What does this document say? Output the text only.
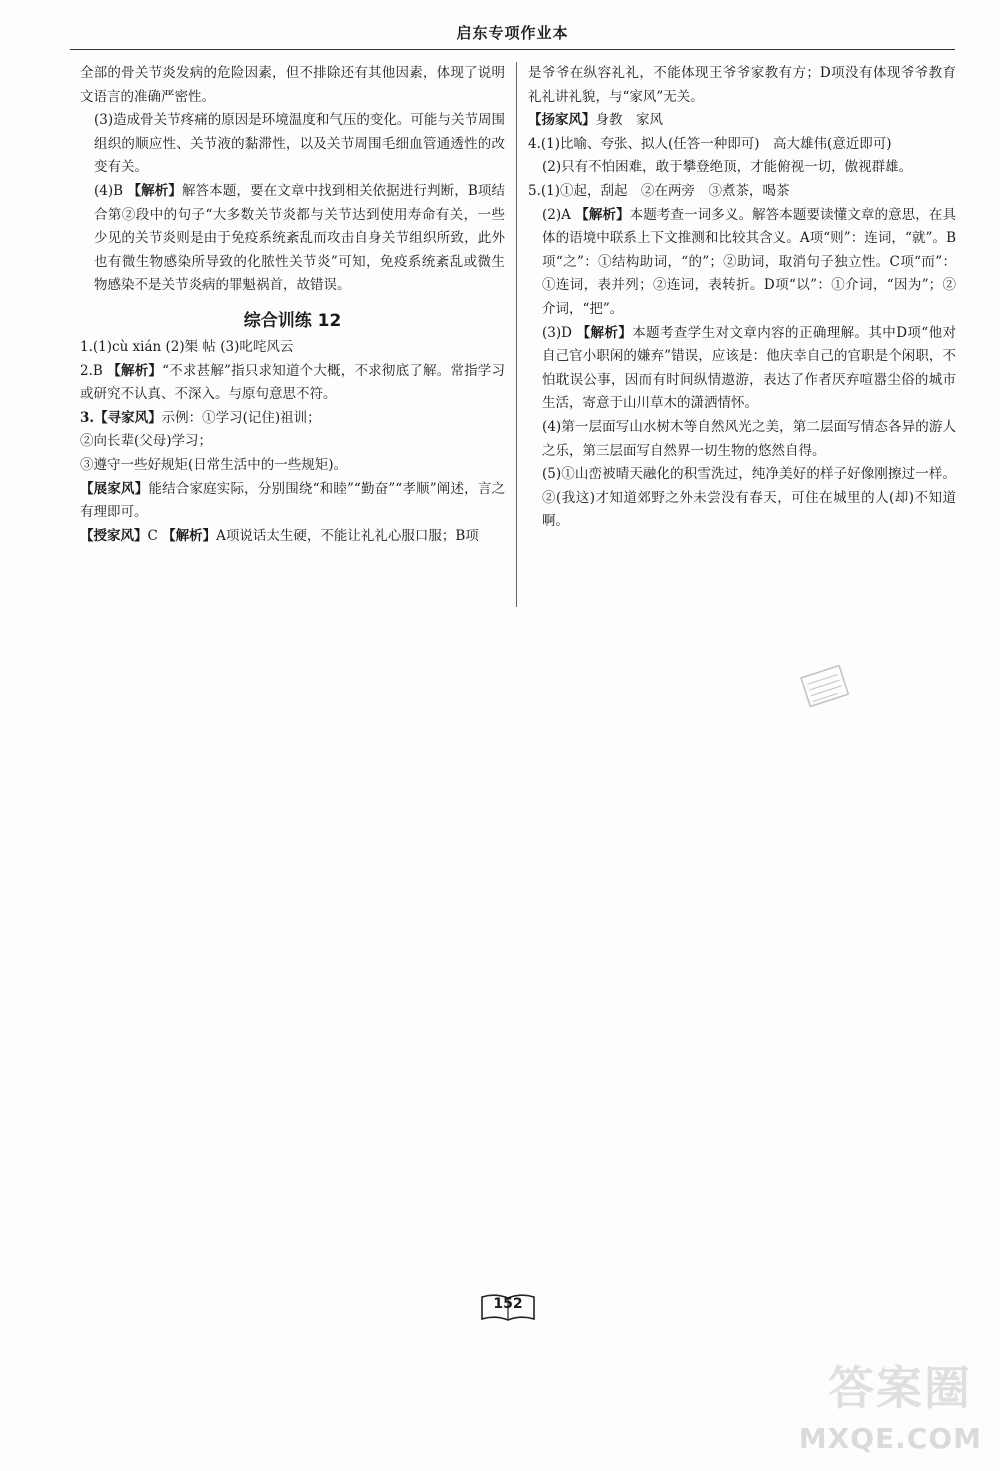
启东专项作业本

全部的骨关节炎发病的危险因素，但不排除还有其他因素，体现了说明文语言的准确严密性。

(3)造成骨关节疼痛的原因是环境温度和气压的变化。可能与关节周围组织的顺应性、关节液的黏滞性，以及关节周围毛细血管通透性的改变有关。

(4)B 【解析】解答本题，要在文章中找到相关依据进行判断，B项结合第②段中的句子“大多数关节炎都与关节达到使用寿命有关，一些少见的关节炎则是由于免疫系统紊乱而攻击自身关节组织所致，此外也有微生物感染所导致的化脓性关节炎”可知，免疫系统紊乱或微生物感染不是关节炎病的罪魁祸首，故错误。

综合训练 12

1.(1)cù xián (2)榘 帖 (3)叱咤风云

2.B 【解析】“不求甚解”指只求知道个大概，不求彻底了解。常指学习或研究不认真、不深入。与原句意思不符。

3.【寻家风】示例：①学习(记住)祖训；

②向长辈(父母)学习；

③遵守一些好规矩(日常生活中的一些规矩)。

【展家风】能结合家庭实际，分别围绕“和睦”“勤奋”“孝顺”阐述，言之有理即可。

【授家风】C 【解析】A项说话太生硬，不能让礼礼心服口服；B项

是爷爷在纵容礼礼，不能体现王爷爷家教有方；D项没有体现爷爷教育礼礼讲礼貌，与“家风”无关。

【扬家风】身教　家风

4.(1)比喻、夸张、拟人(任答一种即可)　高大雄伟(意近即可)

(2)只有不怕困难，敢于攀登绝顶，才能俯视一切，傲视群雄。

5.(1)①起，刮起　②在两旁　③煮茶，喝茶

(2)A 【解析】本题考查一词多义。解答本题要读懂文章的意思，在具体的语境中联系上下文推测和比较其含义。A项“则”：连词，“就”。B项“之”：①结构助词，“的”；②助词，取消句子独立性。C项“而”：①连词，表并列；②连词，表转折。D项“以”：①介词，“因为”；②介词，“把”。

(3)D 【解析】本题考查学生对文章内容的正确理解。其中D项“他对自己官小职闲的嫌弃”错误，应该是：他庆幸自己的官职是个闲职，不怕耽误公事，因而有时间纵情遨游，表达了作者厌弃喧嚣尘俗的城市生活，寄意于山川草木的潇洒情怀。

(4)第一层面写山水树木等自然风光之美，第二层面写情态各异的游人之乐，第三层面写自然界一切生物的悠然自得。

(5)①山峦被晴天融化的积雪洗过，纯净美好的样子好像刚擦过一样。②(我这)才知道郊野之外未尝没有春天，可住在城里的人(却)不知道啊。

152
答案圈
MXQE.COM
